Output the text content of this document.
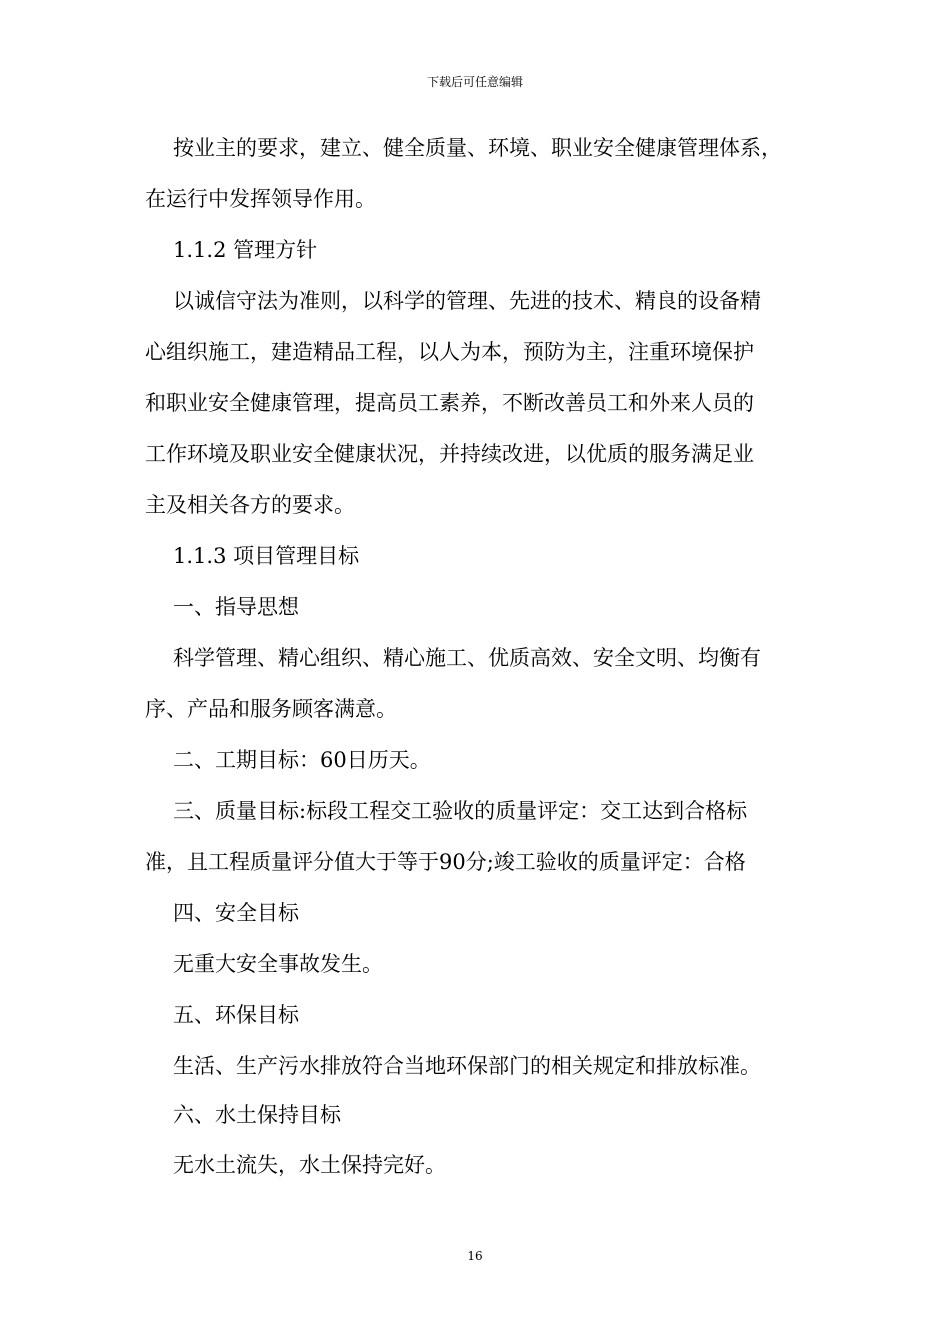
下载后可任意编辑
按业主的要求，建立、健全质量、环境、职业安全健康管理体系，
在运行中发挥领导作用。
1.1.2 管理方针
以诚信守法为准则，以科学的管理、先进的技术、精良的设备精
心组织施工，建造精品工程，以人为本，预防为主，注重环境保护
和职业安全健康管理，提高员工素养，不断改善员工和外来人员的
工作环境及职业安全健康状况，并持续改进，以优质的服务满足业
主及相关各方的要求。
1.1.3 项目管理目标
一、指导思想
科学管理、精心组织、精心施工、优质高效、安全文明、均衡有
序、产品和服务顾客满意。
二、工期目标：60日历天。
三、质量目标:标段工程交工验收的质量评定：交工达到合格标
准，且工程质量评分值大于等于90分;竣工验收的质量评定：合格
四、安全目标
无重大安全事故发生。
五、环保目标
生活、生产污水排放符合当地环保部门的相关规定和排放标准。
六、水土保持目标
无水土流失，水土保持完好。
16
